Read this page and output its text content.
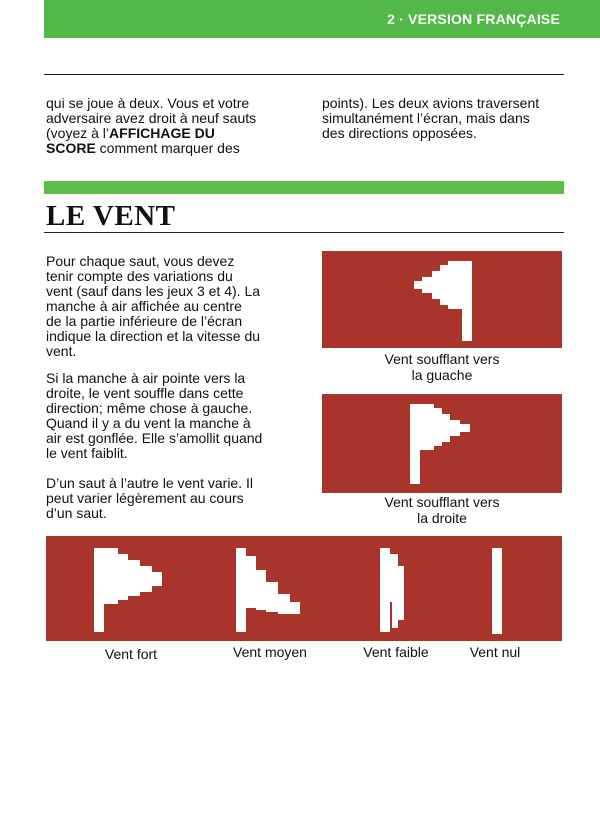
2 · VERSION FRANÇAISE
qui se joue à deux. Vous et votre
adversaire avez droit à neuf sauts
(voyez à l’AFFICHAGE DU
SCORE comment marquer des
points). Les deux avions traversent
simultanément l’écran, mais dans
des directions opposées.
LE VENT
Pour chaque saut, vous devez
tenir compte des variations du
vent (sauf dans les jeux 3 et 4). La
manche à air affichée au centre
de la partie inférieure de l’écran
indique la direction et la vitesse du
vent.
Si la manche à air pointe vers la
droite, le vent souffle dans cette
direction; même chose à gauche.
Quand il y a du vent la manche à
air est gonflée. Elle s’amollit quand
le vent faiblit.
D’un saut à l’autre le vent varie. Il
peut varier légèrement au cours
d’un saut.
Vent soufflant vers
la guache
Vent soufflant vers
la droite
Vent fort	Vent moyen	Vent faible	Vent nul
